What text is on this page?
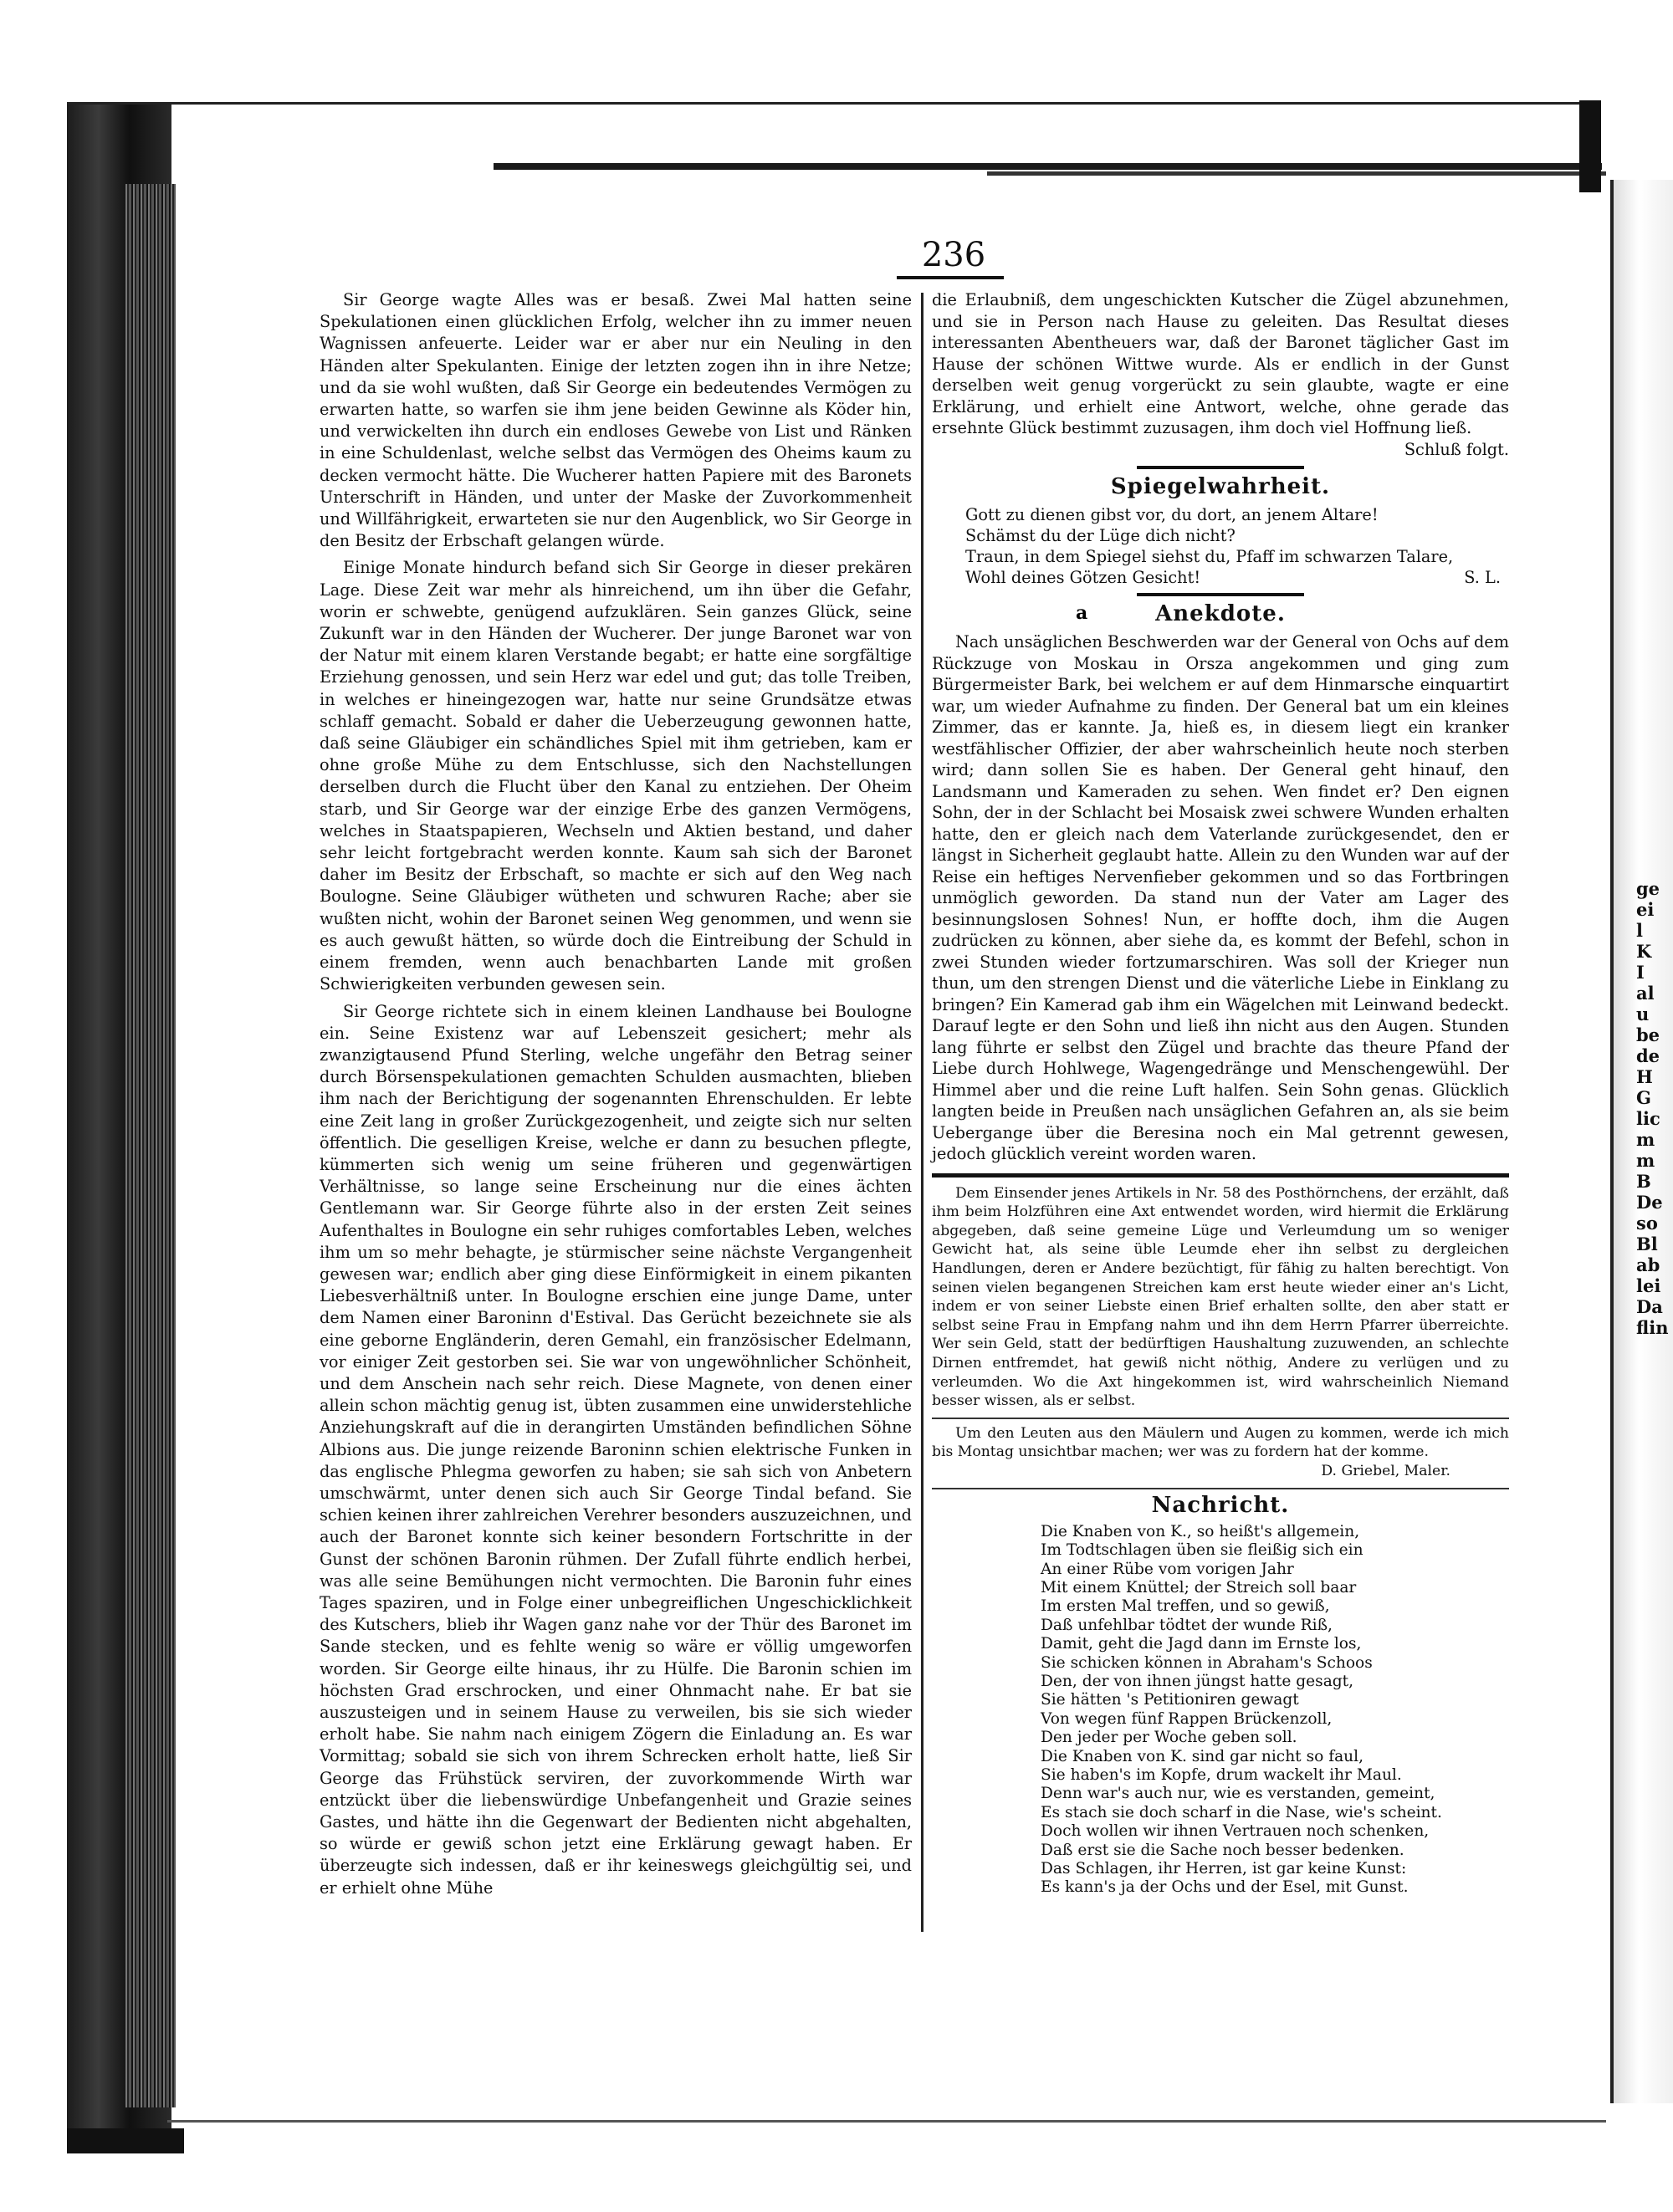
236

Sir George wagte Alles was er besaß. Zwei Mal hatten seine Spekulationen einen glücklichen Erfolg, welcher ihn zu immer neuen Wagnissen anfeuerte. Leider war er aber nur ein Neuling in den Händen alter Spekulanten. Einige der letzten zogen ihn in ihre Netze; und da sie wohl wußten, daß Sir George ein bedeutendes Vermögen zu erwarten hatte, so warfen sie ihm jene beiden Gewinne als Köder hin, und verwickelten ihn durch ein endloses Gewebe von List und Ränken in eine Schuldenlast, welche selbst das Vermögen des Oheims kaum zu decken vermocht hätte. Die Wucherer hatten Papiere mit des Baronets Unterschrift in Händen, und unter der Maske der Zuvorkommenheit und Willfährigkeit, erwarteten sie nur den Augenblick, wo Sir George in den Besitz der Erbschaft gelangen würde.

Einige Monate hindurch befand sich Sir George in dieser prekären Lage. Diese Zeit war mehr als hinreichend, um ihn über die Gefahr, worin er schwebte, genügend aufzuklären. Sein ganzes Glück, seine Zukunft war in den Händen der Wucherer. Der junge Baronet war von der Natur mit einem klaren Verstande begabt; er hatte eine sorgfältige Erziehung genossen, und sein Herz war edel und gut; das tolle Treiben, in welches er hineingezogen war, hatte nur seine Grundsätze etwas schlaff gemacht. Sobald er daher die Ueberzeugung gewonnen hatte, daß seine Gläubiger ein schändliches Spiel mit ihm getrieben, kam er ohne große Mühe zu dem Entschlusse, sich den Nachstellungen derselben durch die Flucht über den Kanal zu entziehen. Der Oheim starb, und Sir George war der einzige Erbe des ganzen Vermögens, welches in Staatspapieren, Wechseln und Aktien bestand, und daher sehr leicht fortgebracht werden konnte. Kaum sah sich der Baronet daher im Besitz der Erbschaft, so machte er sich auf den Weg nach Boulogne. Seine Gläubiger wütheten und schwuren Rache; aber sie wußten nicht, wohin der Baronet seinen Weg genommen, und wenn sie es auch gewußt hätten, so würde doch die Eintreibung der Schuld in einem fremden, wenn auch benachbarten Lande mit großen Schwierigkeiten verbunden gewesen sein.

Sir George richtete sich in einem kleinen Landhause bei Boulogne ein. Seine Existenz war auf Lebenszeit gesichert; mehr als zwanzigtausend Pfund Sterling, welche ungefähr den Betrag seiner durch Börsenspekulationen gemachten Schulden ausmachten, blieben ihm nach der Berichtigung der sogenannten Ehrenschulden. Er lebte eine Zeit lang in großer Zurückgezogenheit, und zeigte sich nur selten öffentlich. Die geselligen Kreise, welche er dann zu besuchen pflegte, kümmerten sich wenig um seine früheren und gegenwärtigen Verhältnisse, so lange seine Erscheinung nur die eines ächten Gentlemann war. Sir George führte also in der ersten Zeit seines Aufenthaltes in Boulogne ein sehr ruhiges comfortables Leben, welches ihm um so mehr behagte, je stürmischer seine nächste Vergangenheit gewesen war; endlich aber ging diese Einförmigkeit in einem pikanten Liebesverhältniß unter. In Boulogne erschien eine junge Dame, unter dem Namen einer Baroninn d'Estival. Das Gerücht bezeichnete sie als eine geborne Engländerin, deren Gemahl, ein französischer Edelmann, vor einiger Zeit gestorben sei. Sie war von ungewöhnlicher Schönheit, und dem Anschein nach sehr reich. Diese Magnete, von denen einer allein schon mächtig genug ist, übten zusammen eine unwiderstehliche Anziehungskraft auf die in derangirten Umständen befindlichen Söhne Albions aus. Die junge reizende Baroninn schien elektrische Funken in das englische Phlegma geworfen zu haben; sie sah sich von Anbetern umschwärmt, unter denen sich auch Sir George Tindal befand. Sie schien keinen ihrer zahlreichen Verehrer besonders auszuzeichnen, und auch der Baronet konnte sich keiner besondern Fortschritte in der Gunst der schönen Baronin rühmen. Der Zufall führte endlich herbei, was alle seine Bemühungen nicht vermochten. Die Baronin fuhr eines Tages spaziren, und in Folge einer unbegreiflichen Ungeschicklichkeit des Kutschers, blieb ihr Wagen ganz nahe vor der Thür des Baronet im Sande stecken, und es fehlte wenig so wäre er völlig umgeworfen worden. Sir George eilte hinaus, ihr zu Hülfe. Die Baronin schien im höchsten Grad erschrocken, und einer Ohnmacht nahe. Er bat sie auszusteigen und in seinem Hause zu verweilen, bis sie sich wieder erholt habe. Sie nahm nach einigem Zögern die Einladung an. Es war Vormittag; sobald sie sich von ihrem Schrecken erholt hatte, ließ Sir George das Frühstück serviren, der zuvorkommende Wirth war entzückt über die liebenswürdige Unbefangenheit und Grazie seines Gastes, und hätte ihn die Gegenwart der Bedienten nicht abgehalten, so würde er gewiß schon jetzt eine Erklärung gewagt haben. Er überzeugte sich indessen, daß er ihr keineswegs gleichgültig sei, und er erhielt ohne Mühe

die Erlaubniß, dem ungeschickten Kutscher die Zügel abzunehmen, und sie in Person nach Hause zu geleiten. Das Resultat dieses interessanten Abentheuers war, daß der Baronet täglicher Gast im Hause der schönen Wittwe wurde. Als er endlich in der Gunst derselben weit genug vorgerückt zu sein glaubte, wagte er eine Erklärung, und erhielt eine Antwort, welche, ohne gerade das ersehnte Glück bestimmt zuzusagen, ihm doch viel Hoffnung ließ.
Schluß folgt.
Spiegelwahrheit.
Gott zu dienen gibst vor, du dort, an jenem Altare!
Schämst du der Lüge dich nicht?
Traun, in dem Spiegel siehst du, Pfaff im schwarzen Talare,
Wohl deines Götzen Gesicht!	S. L.
Anekdote.
Nach unsäglichen Beschwerden war der General von Ochs auf dem Rückzuge von Moskau in Orsza angekommen und ging zum Bürgermeister Bark, bei welchem er auf dem Hinmarsche einquartirt war, um wieder Aufnahme zu finden. Der General bat um ein kleines Zimmer, das er kannte. Ja, hieß es, in diesem liegt ein kranker westfählischer Offizier, der aber wahrscheinlich heute noch sterben wird; dann sollen Sie es haben. Der General geht hinauf, den Landsmann und Kameraden zu sehen. Wen findet er? Den eignen Sohn, der in der Schlacht bei Mosaisk zwei schwere Wunden erhalten hatte, den er gleich nach dem Vaterlande zurückgesendet, den er längst in Sicherheit geglaubt hatte. Allein zu den Wunden war auf der Reise ein heftiges Nervenfieber gekommen und so das Fortbringen unmöglich geworden. Da stand nun der Vater am Lager des besinnungslosen Sohnes! Nun, er hoffte doch, ihm die Augen zudrücken zu können, aber siehe da, es kommt der Befehl, schon in zwei Stunden wieder fortzumarschiren. Was soll der Krieger nun thun, um den strengen Dienst und die väterliche Liebe in Einklang zu bringen? Ein Kamerad gab ihm ein Wägelchen mit Leinwand bedeckt. Darauf legte er den Sohn und ließ ihn nicht aus den Augen. Stunden lang führte er selbst den Zügel und brachte das theure Pfand der Liebe durch Hohlwege, Wagengedränge und Menschengewühl. Der Himmel aber und die reine Luft halfen. Sein Sohn genas. Glücklich langten beide in Preußen nach unsäglichen Gefahren an, als sie beim Uebergange über die Beresina noch ein Mal getrennt gewesen, jedoch glücklich vereint worden waren.
Dem Einsender jenes Artikels in Nr. 58 des Posthörnchens, der erzählt, daß ihm beim Holzführen eine Axt entwendet worden, wird hiermit die Erklärung abgegeben, daß seine gemeine Lüge und Verleumdung um so weniger Gewicht hat, als seine üble Leumde eher ihn selbst zu dergleichen Handlungen, deren er Andere bezüchtigt, für fähig zu halten berechtigt. Von seinen vielen begangenen Streichen kam erst heute wieder einer an's Licht, indem er von seiner Liebste einen Brief erhalten sollte, den aber statt er selbst seine Frau in Empfang nahm und ihn dem Herrn Pfarrer überreichte. Wer sein Geld, statt der bedürftigen Haushaltung zuzuwenden, an schlechte Dirnen entfremdet, hat gewiß nicht nöthig, Andere zu verlügen und zu verleumden. Wo die Axt hingekommen ist, wird wahrscheinlich Niemand besser wissen, als er selbst.
Um den Leuten aus den Mäulern und Augen zu kommen, werde ich mich bis Montag unsichtbar machen; wer was zu fordern hat der komme.
D. Griebel, Maler.
Nachricht.
Die Knaben von K., so heißt's allgemein,
Im Todtschlagen üben sie fleißig sich ein
An einer Rübe vom vorigen Jahr
Mit einem Knüttel; der Streich soll baar
Im ersten Mal treffen, und so gewiß,
Daß unfehlbar tödtet der wunde Riß,
Damit, geht die Jagd dann im Ernste los,
Sie schicken können in Abraham's Schoos
Den, der von ihnen jüngst hatte gesagt,
Sie hätten 's Petitioniren gewagt
Von wegen fünf Rappen Brückenzoll,
Den jeder per Woche geben soll.
Die Knaben von K. sind gar nicht so faul,
Sie haben's im Kopfe, drum wackelt ihr Maul.
Denn war's auch nur, wie es verstanden, gemeint,
Es stach sie doch scharf in die Nase, wie's scheint.
Doch wollen wir ihnen Vertrauen noch schenken,
Daß erst sie die Sache noch besser bedenken.
Das Schlagen, ihr Herren, ist gar keine Kunst:
Es kann's ja der Ochs und der Esel, mit Gunst.
a
ge
ei
l
K
I
al
u
be
de
H
G
lic
m
m
B
De
so
Bl
ab
lei
Da
flin
